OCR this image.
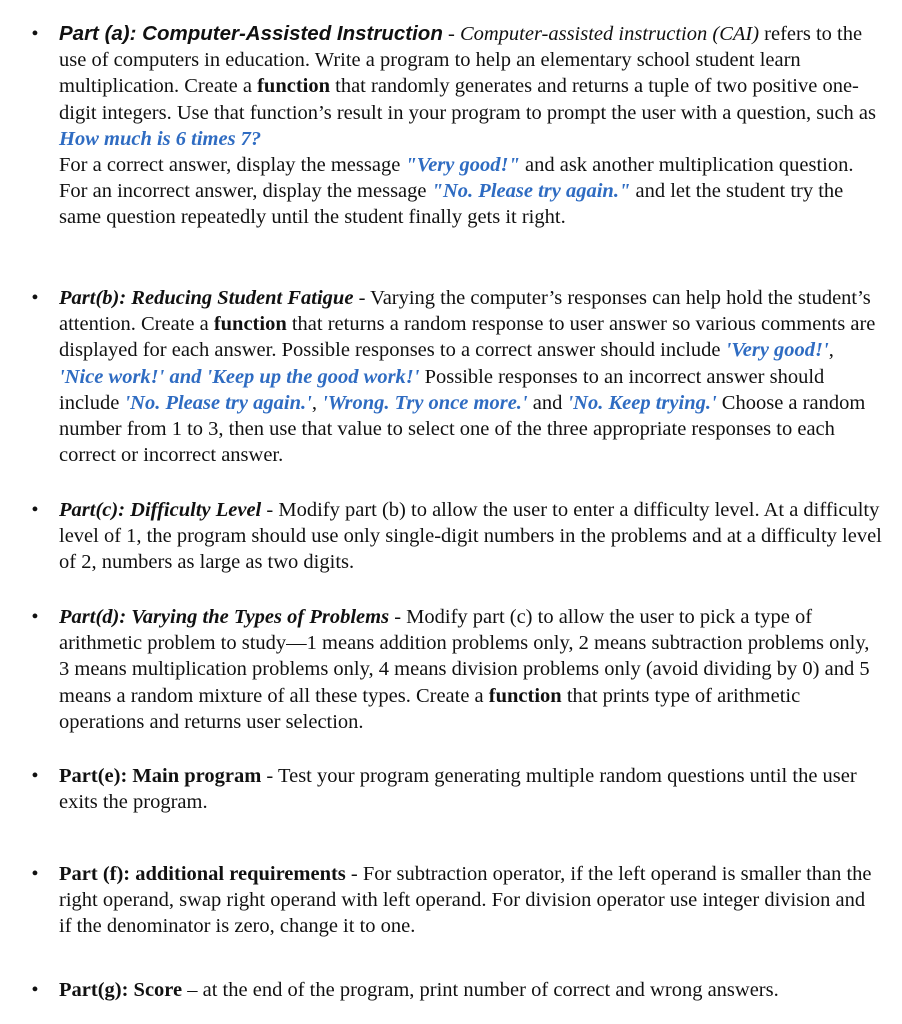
• Part (a): Computer-Assisted Instruction - Computer-assisted instruction (CAI) refers to the use of computers in education. Write a program to help an elementary school student learn multiplication. Create a function that randomly generates and returns a tuple of two positive one-digit integers. Use that function’s result in your program to prompt the user with a question, such as
How much is 6 times 7?
For a correct answer, display the message "Very good!" and ask another multiplication question. For an incorrect answer, display the message "No. Please try again." and let the student try the same question repeatedly until the student finally gets it right.
• Part(b): Reducing Student Fatigue - Varying the computer’s responses can help hold the student’s attention. Create a function that returns a random response to user answer so various comments are displayed for each answer. Possible responses to a correct answer should include 'Very good!', 'Nice work!' and 'Keep up the good work!' Possible responses to an incorrect answer should include 'No. Please try again.', 'Wrong. Try once more.' and 'No. Keep trying.' Choose a random number from 1 to 3, then use that value to select one of the three appropriate responses to each correct or incorrect answer.
• Part(c): Difficulty Level - Modify part (b) to allow the user to enter a difficulty level. At a difficulty level of 1, the program should use only single-digit numbers in the problems and at a difficulty level of 2, numbers as large as two digits.
• Part(d): Varying the Types of Problems - Modify part (c) to allow the user to pick a type of arithmetic problem to study—1 means addition problems only, 2 means subtraction problems only, 3 means multiplication problems only, 4 means division problems only (avoid dividing by 0) and 5 means a random mixture of all these types. Create a function that prints type of arithmetic operations and returns user selection.
• Part(e): Main program - Test your program generating multiple random questions until the user exits the program.
• Part (f): additional requirements - For subtraction operator, if the left operand is smaller than the right operand, swap right operand with left operand. For division operator use integer division and if the denominator is zero, change it to one.
• Part(g): Score – at the end of the program, print number of correct and wrong answers.
